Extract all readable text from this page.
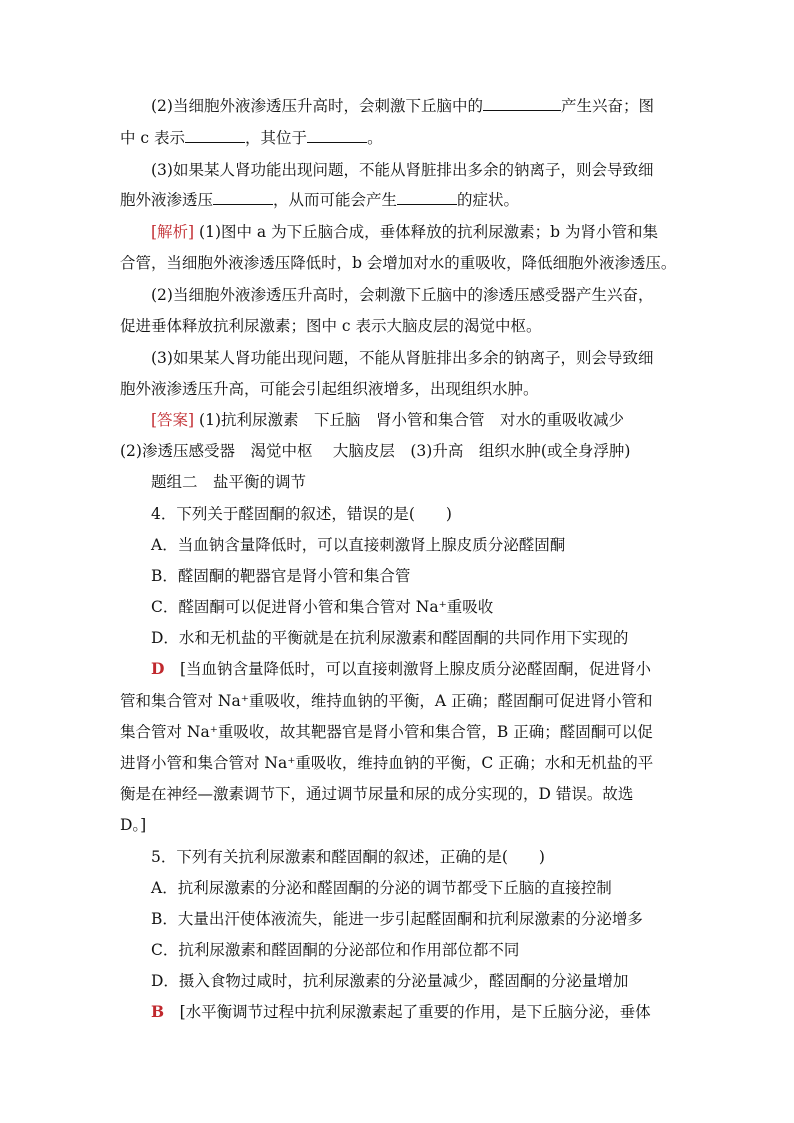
(2)当细胞外液渗透压升高时，会刺激下丘脑中的	产生兴奋；图
中 c 表示	，其位于	。
(3)如果某人肾功能出现问题，不能从肾脏排出多余的钠离子，则会导致细
胞外液渗透压	，从而可能会产生	的症状。
[解析] (1)图中 a 为下丘脑合成，垂体释放的抗利尿激素；b 为肾小管和集
合管，当细胞外液渗透压降低时，b 会增加对水的重吸收，降低细胞外液渗透压。
(2)当细胞外液渗透压升高时，会刺激下丘脑中的渗透压感受器产生兴奋，
促进垂体释放抗利尿激素；图中 c 表示大脑皮层的渴觉中枢。
(3)如果某人肾功能出现问题，不能从肾脏排出多余的钠离子，则会导致细
胞外液渗透压升高，可能会引起组织液增多，出现组织水肿。
[答案] (1)抗利尿激素　下丘脑　肾小管和集合管　对水的重吸收减少
(2)渗透压感受器　渴觉中枢　 大脑皮层　(3)升高　组织水肿(或全身浮肿)
题组二　盐平衡的调节
4．下列关于醛固酮的叙述，错误的是(　　)
A．当血钠含量降低时，可以直接刺激肾上腺皮质分泌醛固酮
B．醛固酮的靶器官是肾小管和集合管
C．醛固酮可以促进肾小管和集合管对 Na⁺重吸收
D．水和无机盐的平衡就是在抗利尿激素和醛固酮的共同作用下实现的
D　[当血钠含量降低时，可以直接刺激肾上腺皮质分泌醛固酮，促进肾小
管和集合管对 Na⁺重吸收，维持血钠的平衡，A 正确；醛固酮可促进肾小管和
集合管对 Na⁺重吸收，故其靶器官是肾小管和集合管，B 正确；醛固酮可以促
进肾小管和集合管对 Na⁺重吸收，维持血钠的平衡，C 正确；水和无机盐的平
衡是在神经—激素调节下，通过调节尿量和尿的成分实现的，D 错误。故选
D。]
5．下列有关抗利尿激素和醛固酮的叙述，正确的是(　　)
A．抗利尿激素的分泌和醛固酮的分泌的调节都受下丘脑的直接控制
B．大量出汗使体液流失，能进一步引起醛固酮和抗利尿激素的分泌增多
C．抗利尿激素和醛固酮的分泌部位和作用部位都不同
D．摄入食物过咸时，抗利尿激素的分泌量减少，醛固酮的分泌量增加
B　[水平衡调节过程中抗利尿激素起了重要的作用，是下丘脑分泌，垂体
